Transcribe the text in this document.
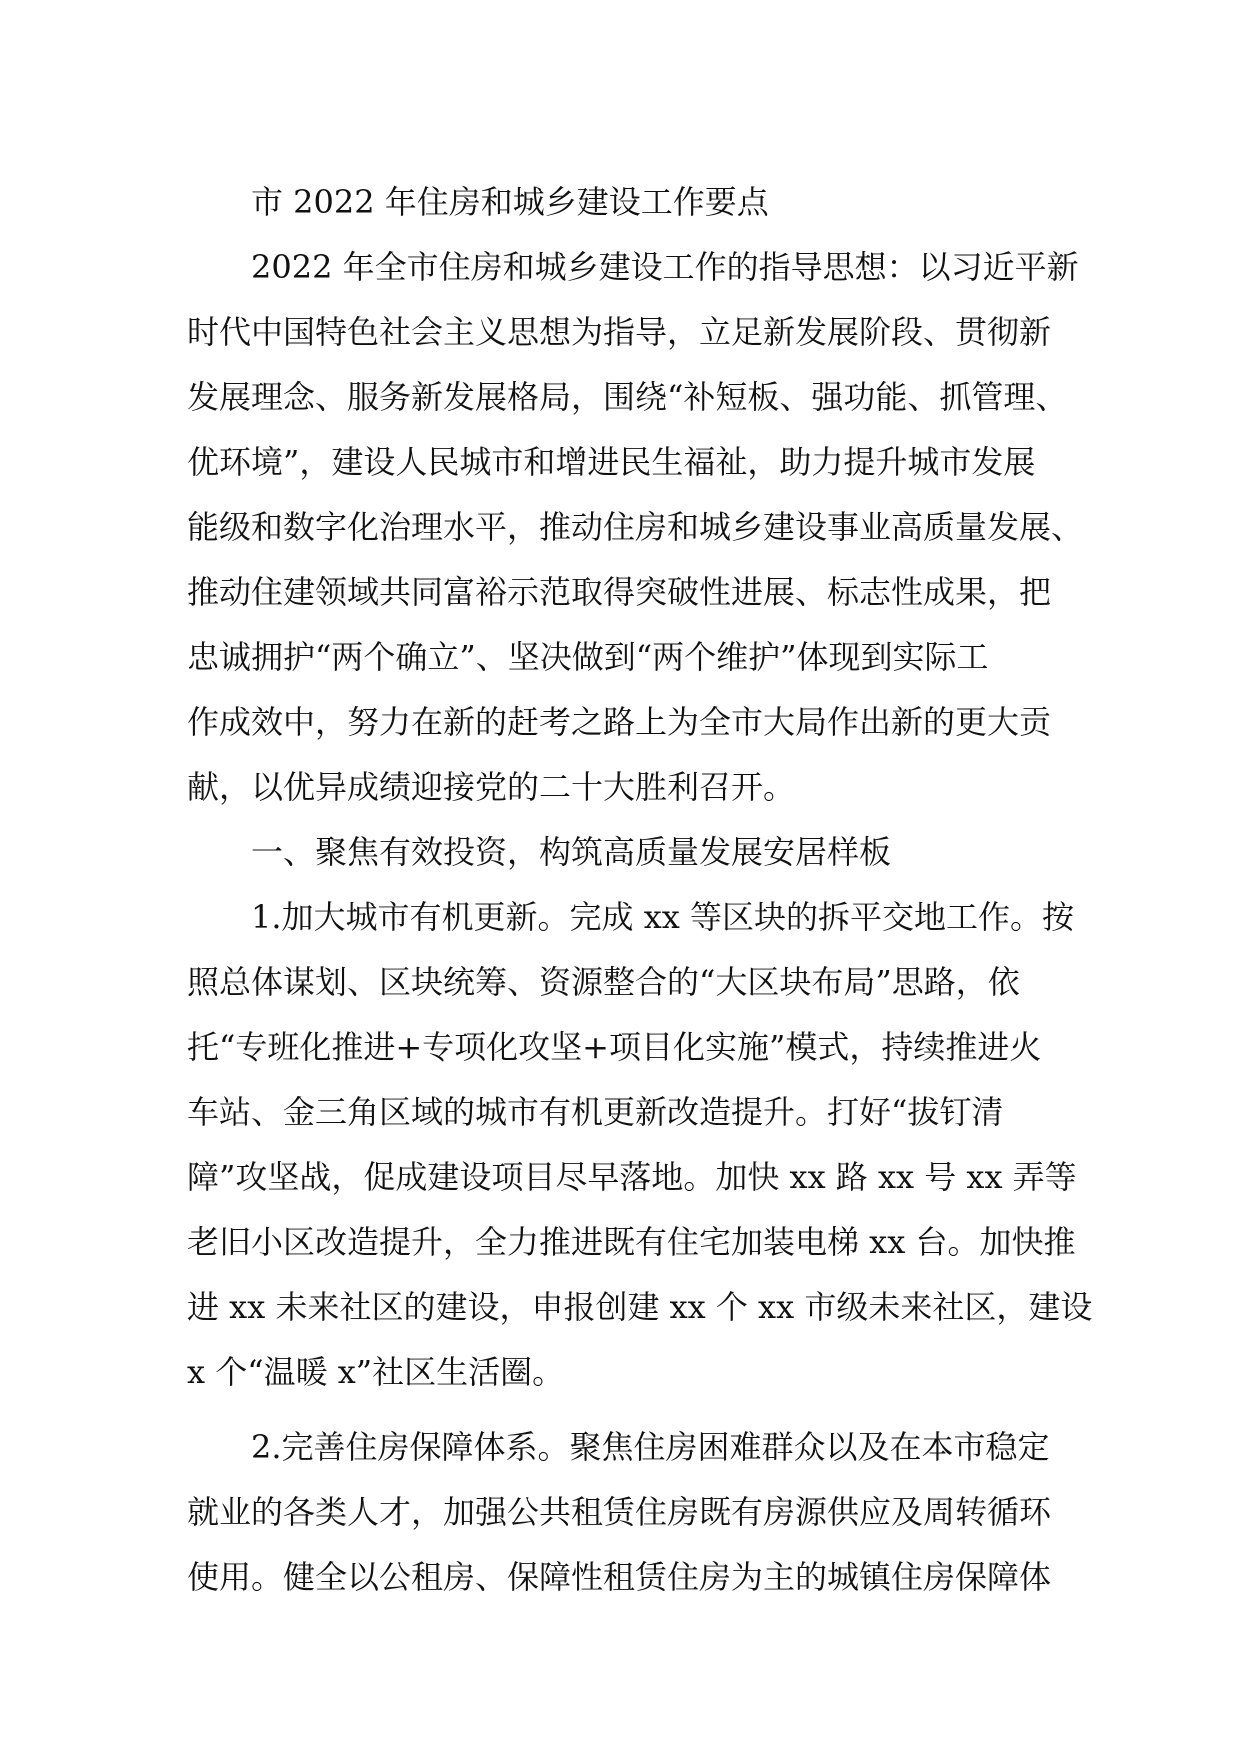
市 2022 年住房和城乡建设工作要点
2022 年全市住房和城乡建设工作的指导思想：以习近平新
时代中国特色社会主义思想为指导，立足新发展阶段、贯彻新
发展理念、服务新发展格局，围绕“补短板、强功能、抓管理、
优环境”，建设人民城市和增进民生福祉，助力提升城市发展
能级和数字化治理水平，推动住房和城乡建设事业高质量发展、
推动住建领域共同富裕示范取得突破性进展、标志性成果，把
忠诚拥护“两个确立”、坚决做到“两个维护”体现到实际工
作成效中，努力在新的赶考之路上为全市大局作出新的更大贡
献，以优异成绩迎接党的二十大胜利召开。
一、聚焦有效投资，构筑高质量发展安居样板
1.加大城市有机更新。完成 xx 等区块的拆平交地工作。按
照总体谋划、区块统筹、资源整合的“大区块布局”思路，依
托“专班化推进+专项化攻坚+项目化实施”模式，持续推进火
车站、金三角区域的城市有机更新改造提升。打好“拔钉清
障”攻坚战，促成建设项目尽早落地。加快 xx 路 xx 号 xx 弄等
老旧小区改造提升，全力推进既有住宅加装电梯 xx 台。加快推
进 xx 未来社区的建设，申报创建 xx 个 xx 市级未来社区，建设
x 个“温暖 x”社区生活圈。
2.完善住房保障体系。聚焦住房困难群众以及在本市稳定
就业的各类人才，加强公共租赁住房既有房源供应及周转循环
使用。健全以公租房、保障性租赁住房为主的城镇住房保障体
